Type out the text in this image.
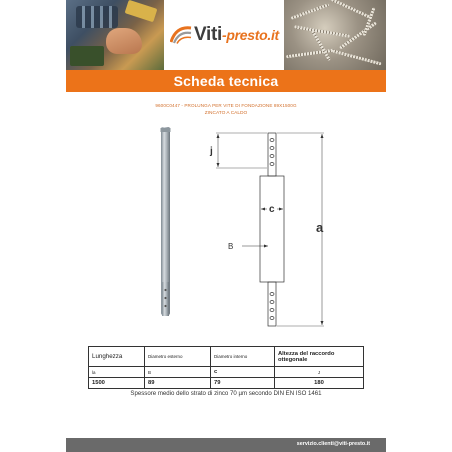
Viti-presto.it
Scheda tecnica
9600C0447 - PROLUNGA PER VITE DI FONDAZIONE 89X1500G
ZINCATO A CALDO
j
c
a
B
Lunghezza	Diametro esterno	Diametro interno	Altezza del raccordo ottegonale
la	B	c	J
1500	89	79	180
Spessore medio dello strato di zinco 70 µm secondo DIN EN ISO 1461
servizio.clienti@viti-presto.it
